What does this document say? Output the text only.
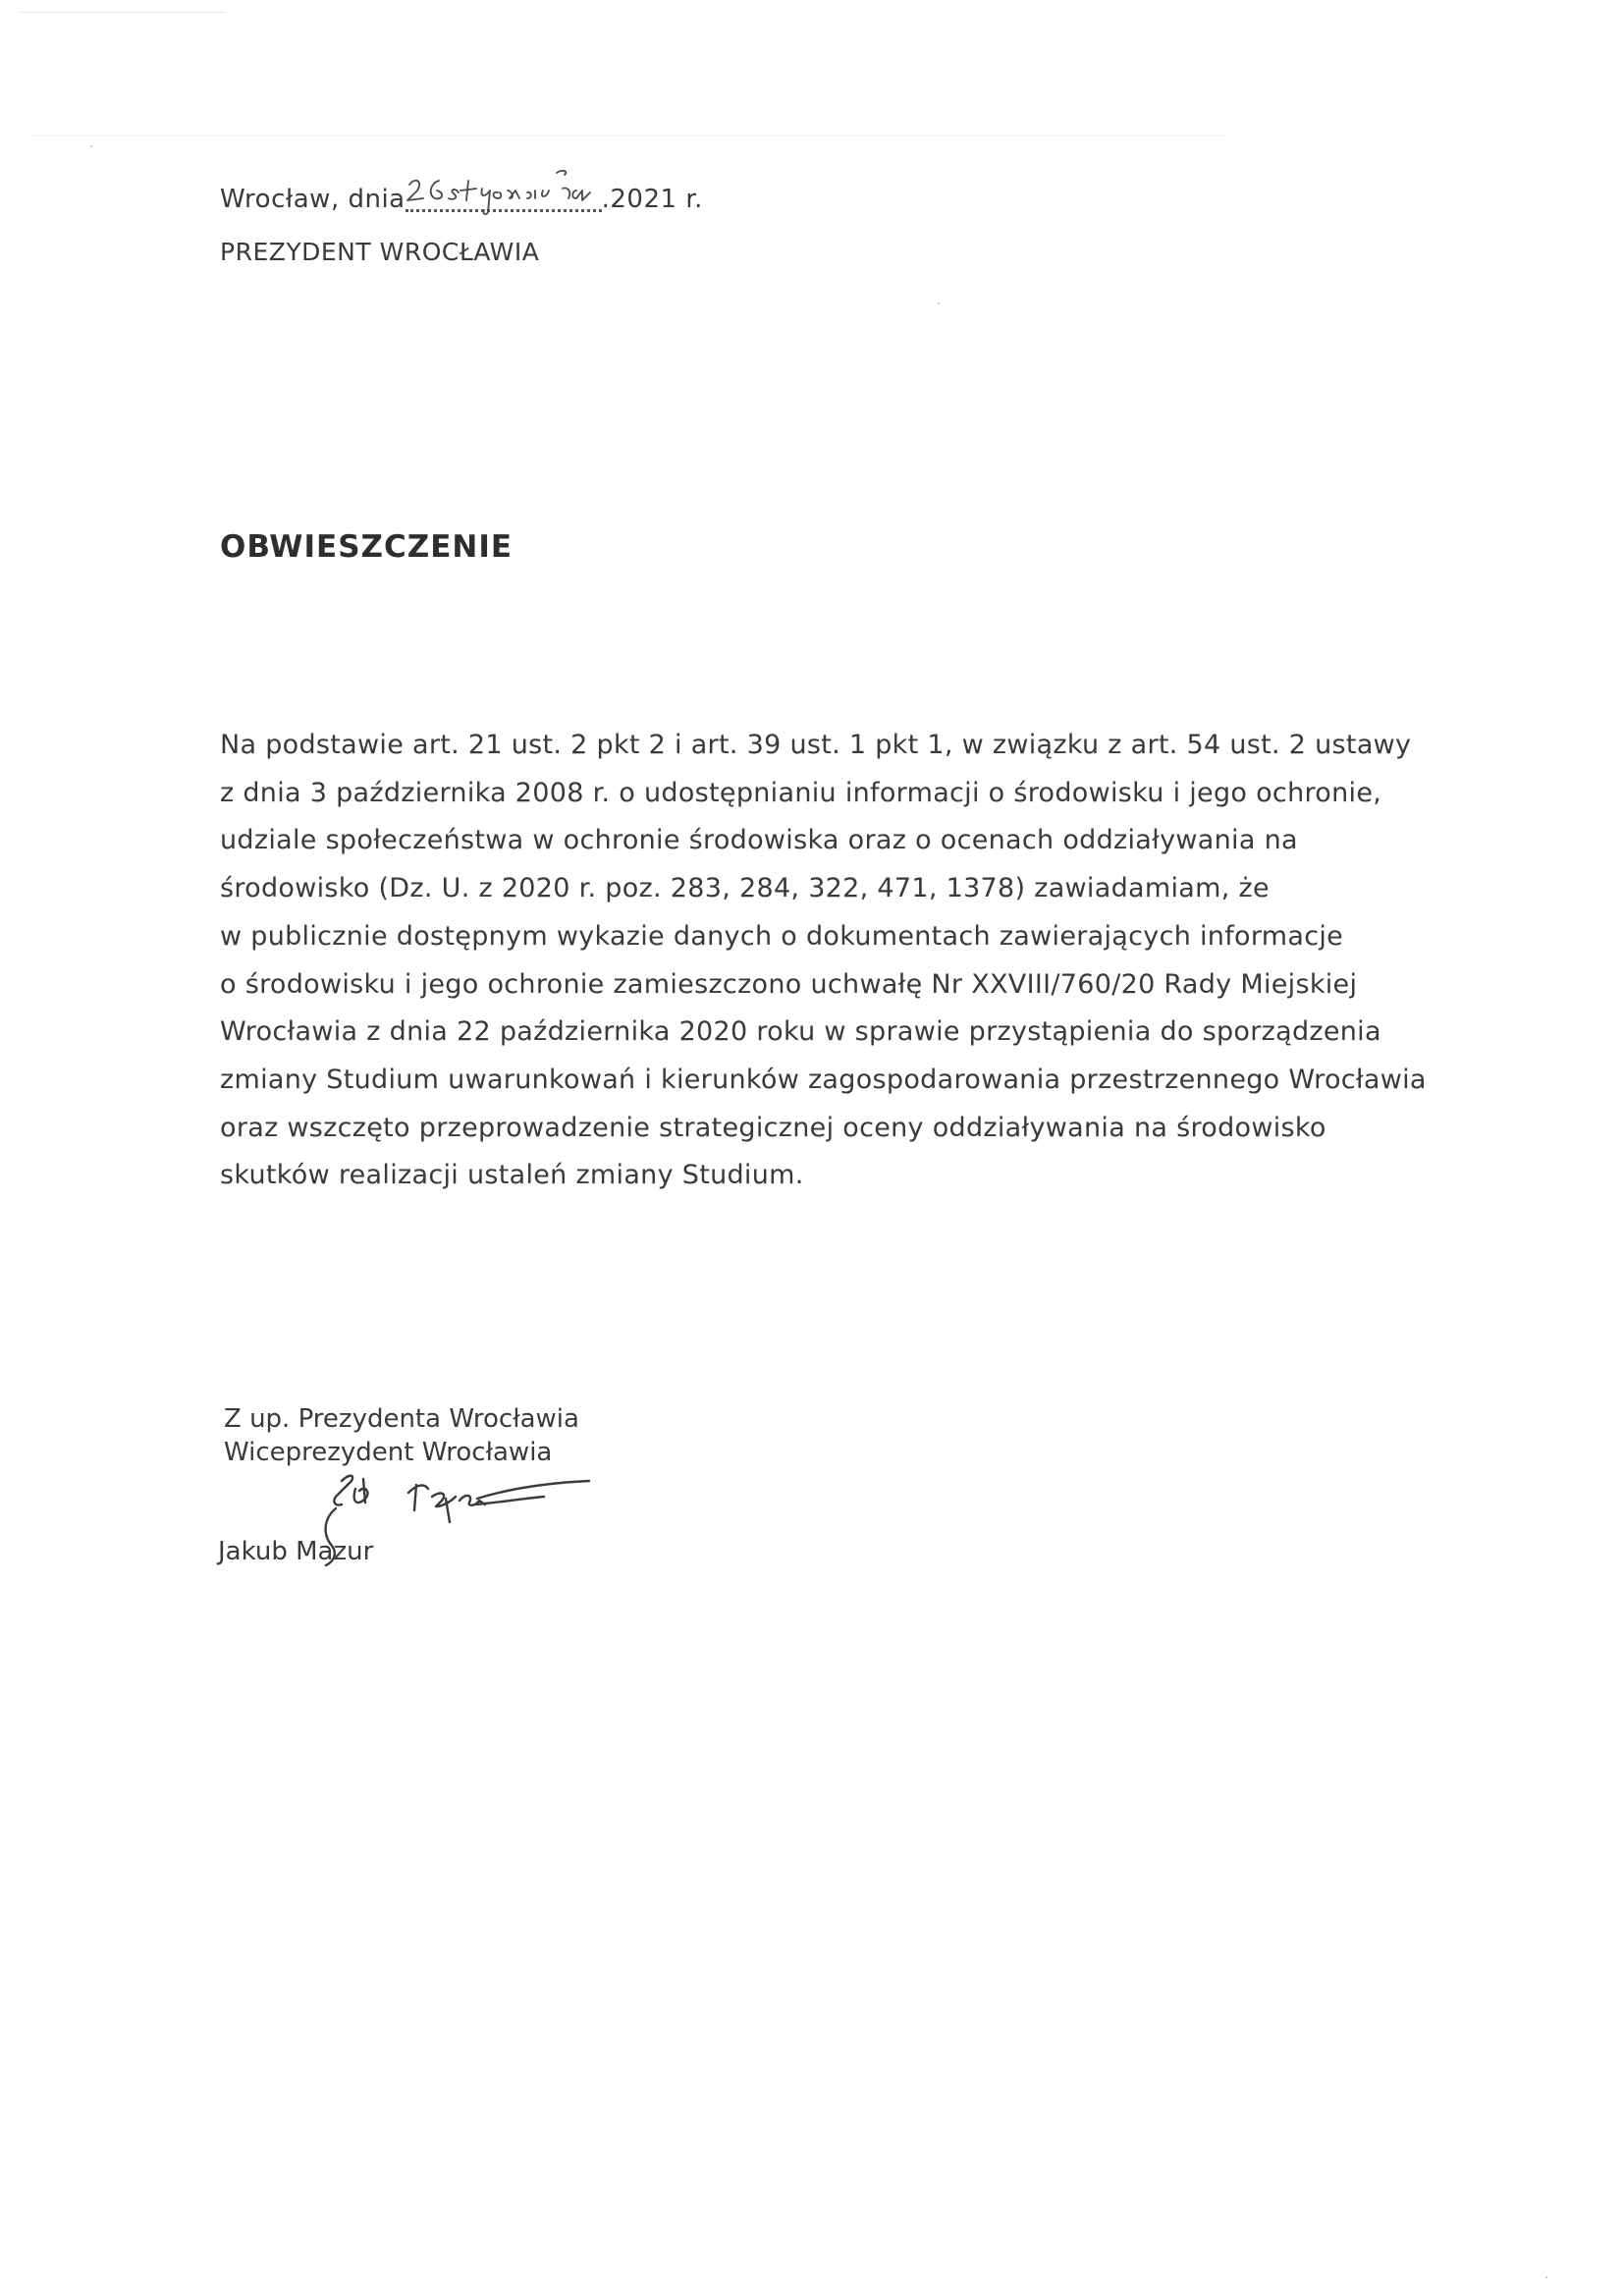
Wrocław, dnia	.2021 r.
PREZYDENT WROCŁAWIA
OBWIESZCZENIE
Na podstawie art. 21 ust. 2 pkt 2 i art. 39 ust. 1 pkt 1, w związku z art. 54 ust. 2 ustawy
z dnia 3 października 2008 r. o udostępnianiu informacji o środowisku i jego ochronie,
udziale społeczeństwa w ochronie środowiska oraz o ocenach oddziaływania na
środowisko (Dz. U. z 2020 r. poz. 283, 284, 322, 471, 1378) zawiadamiam, że
w publicznie dostępnym wykazie danych o dokumentach zawierających informacje
o środowisku i jego ochronie zamieszczono uchwałę Nr XXVIII/760/20 Rady Miejskiej
Wrocławia z dnia 22 października 2020 roku w sprawie przystąpienia do sporządzenia
zmiany Studium uwarunkowań i kierunków zagospodarowania przestrzennego Wrocławia
oraz wszczęto przeprowadzenie strategicznej oceny oddziaływania na środowisko
skutków realizacji ustaleń zmiany Studium.
Z up. Prezydenta Wrocławia
Wiceprezydent Wrocławia
Jakub Mazur
